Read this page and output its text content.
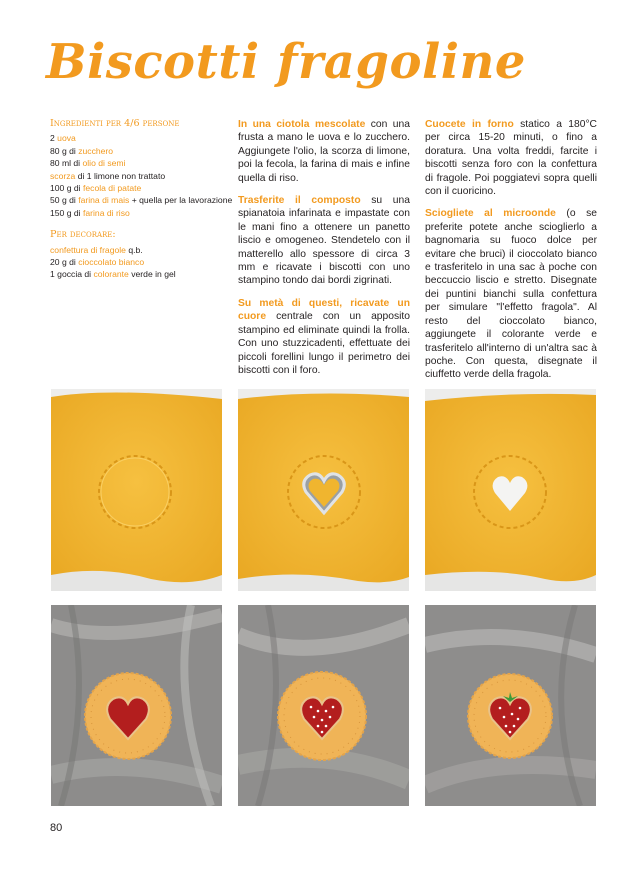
Biscotti fragoline
Ingredienti per 4/6 persone
2 uova
80 g di zucchero
80 ml di olio di semi
scorza di 1 limone non trattato
100 g di fecola di patate
50 g di farina di mais + quella per la lavorazione
150 g di farina di riso
Per decorare:
confettura di fragole q.b.
20 g di cioccolato bianco
1 goccia di colorante verde in gel

In una ciotola mescolate con una frusta a mano le uova e lo zucchero. Aggiungete l'olio, la scorza di limone, poi la fecola, la farina di mais e infine quella di riso.

Trasferite il composto su una spianatoia infarinata e impastate con le mani fino a ottenere un panetto liscio e omogeneo. Stendetelo con il matterello allo spessore di circa 3 mm e ricavate i biscotti con uno stampino tondo dai bordi zigrinati.

Su metà di questi, ricavate un cuore centrale con un apposito stampino ed eliminate quindi la frolla. Con uno stuzzicadenti, effettuate dei piccoli forellini lungo il perimetro dei biscotti con il foro.

Cuocete in forno statico a 180°C per circa 15-20 minuti, o fino a doratura. Una volta freddi, farcite i biscotti senza foro con la confettura di fragole. Poi poggiatevi sopra quelli con il cuoricino.

Sciogliete al microonde (o se preferite potete anche scioglierlo a bagnomaria su fuoco dolce per evitare che bruci) il cioccolato bianco e trasferitelo in una sac à poche con beccuccio liscio e stretto. Disegnate dei puntini bianchi sulla confettura per simulare "l'effetto fragola". Al resto del cioccolato bianco, aggiungete il colorante verde e trasferitelo all'interno di un'altra sac à poche. Con questa, disegnate il ciuffetto verde della fragola.

80
